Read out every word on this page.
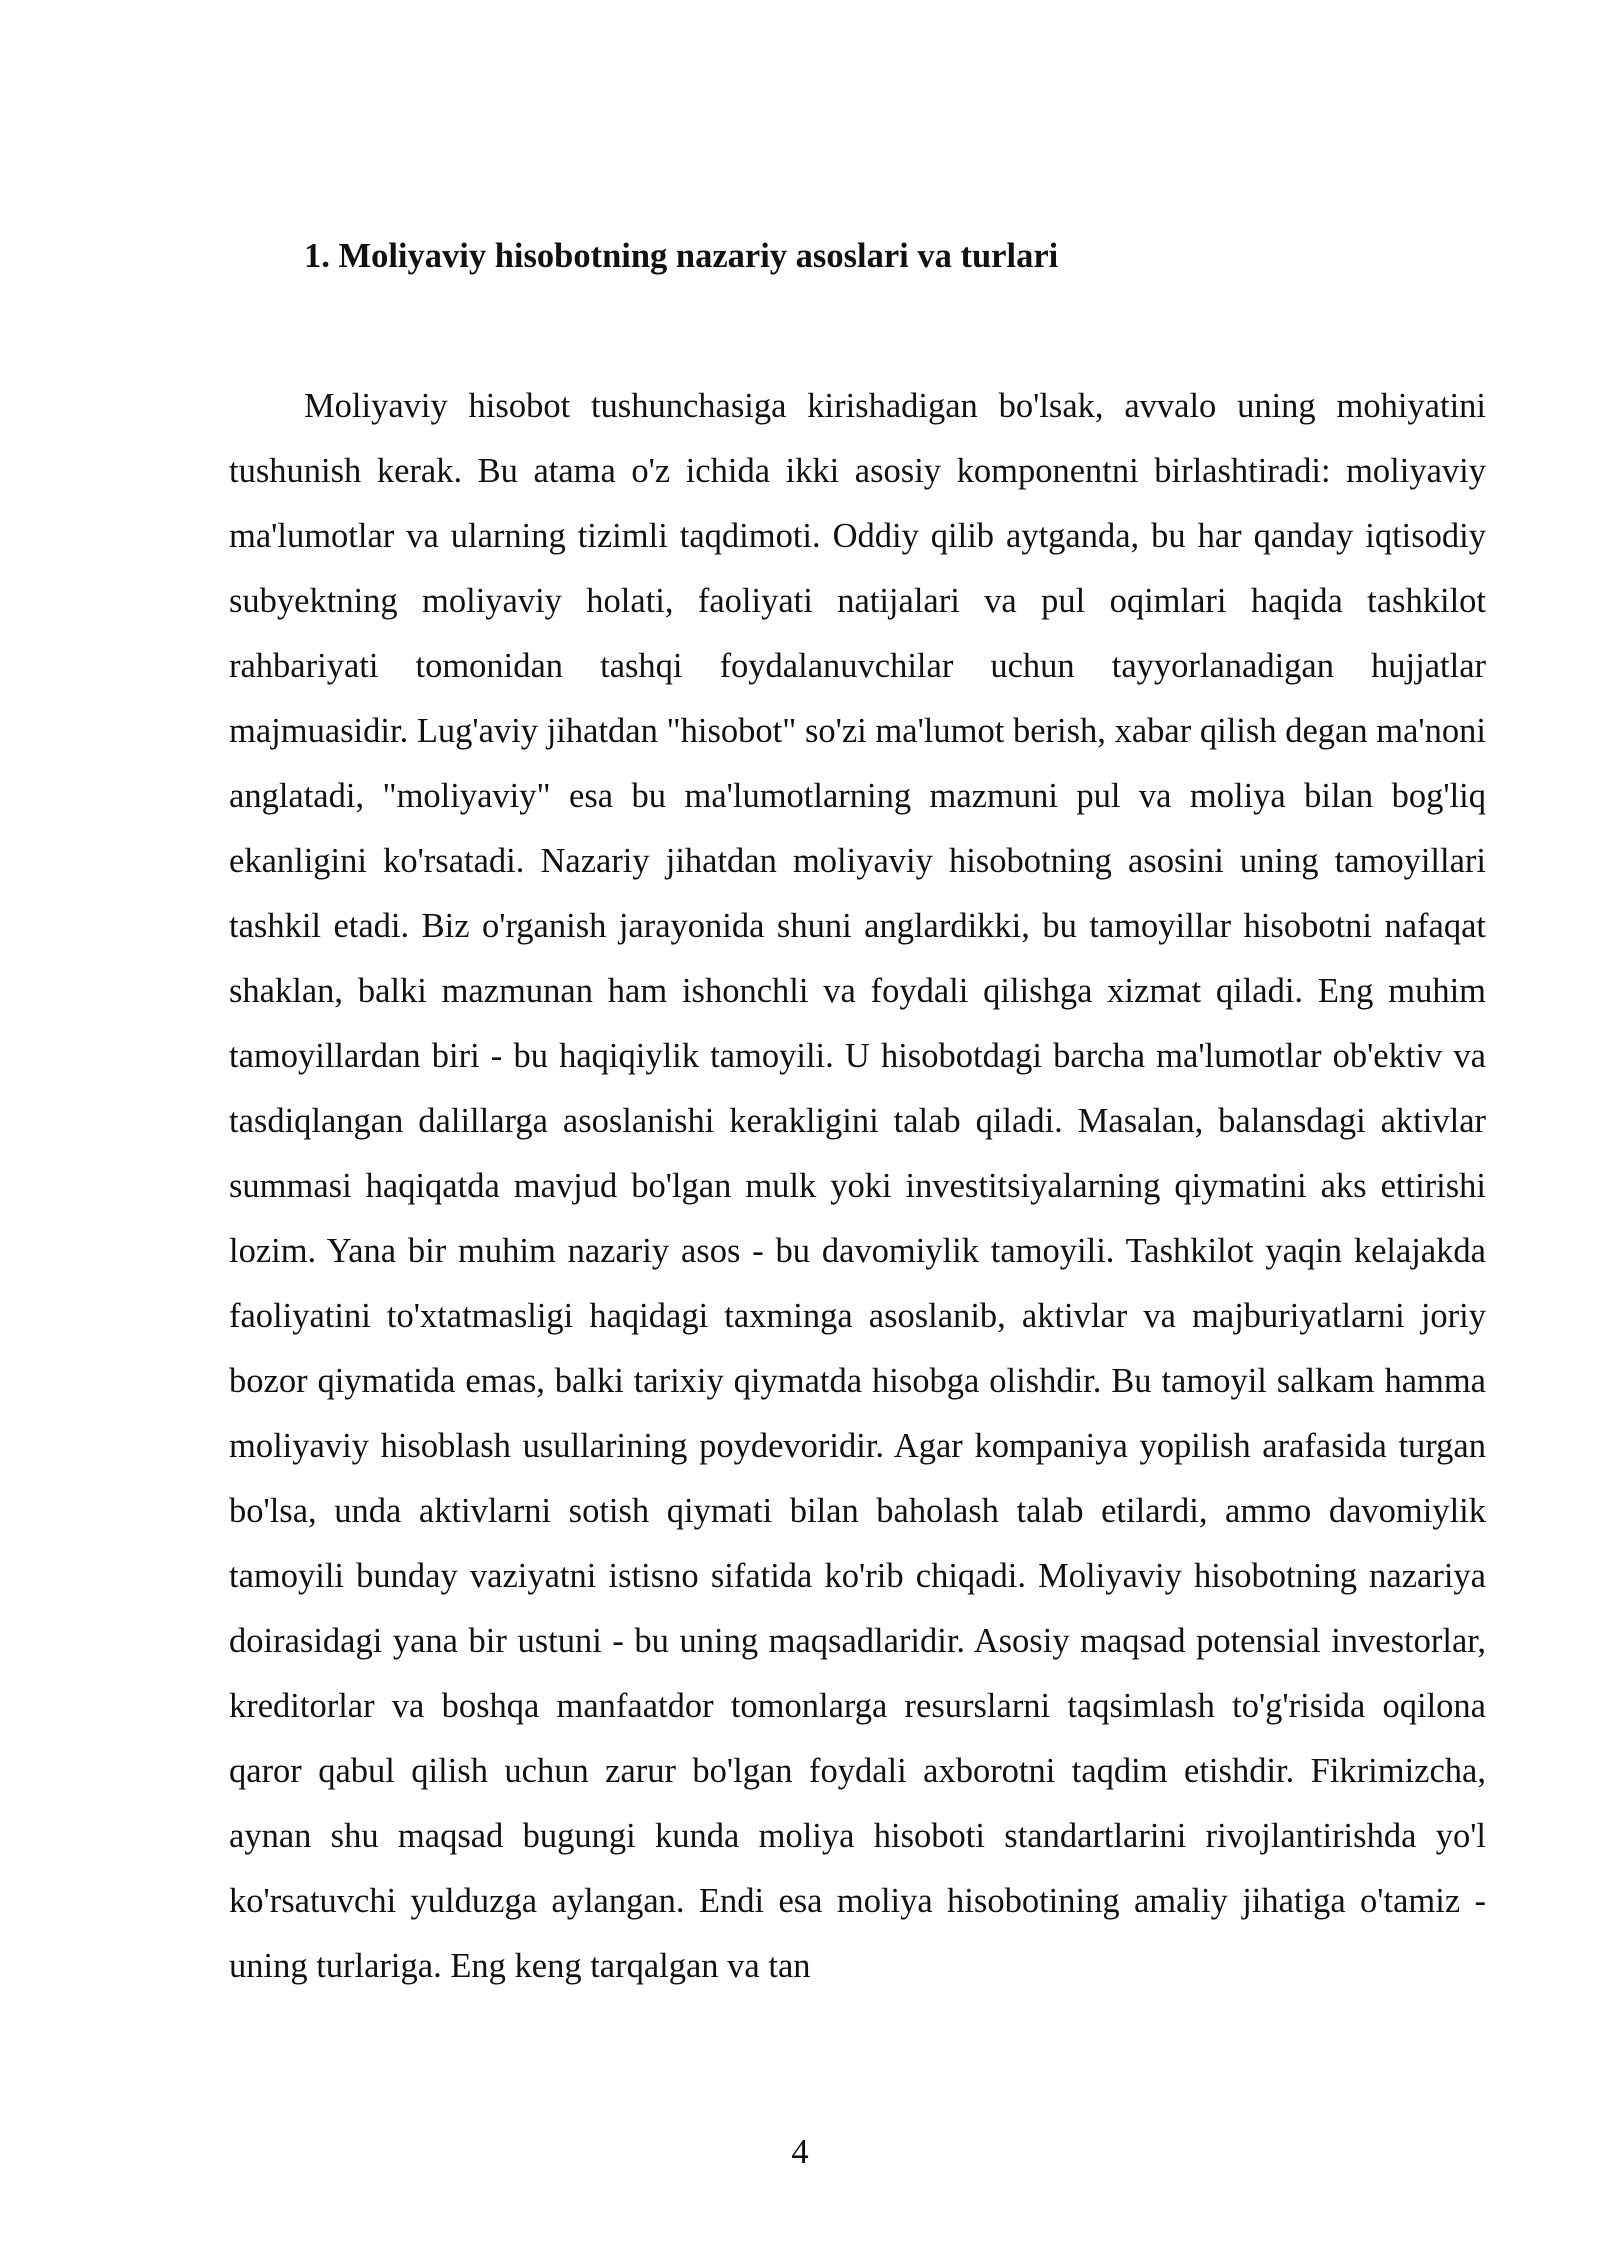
1. Moliyaviy hisobotning nazariy asoslari va turlari

Moliyaviy hisobot tushunchasiga kirishadigan bo'lsak, avvalo uning mohiyatini tushunish kerak. Bu atama o'z ichida ikki asosiy komponentni birlashtiradi: moliyaviy ma'lumotlar va ularning tizimli taqdimoti. Oddiy qilib aytganda, bu har qanday iqtisodiy subyektning moliyaviy holati, faoliyati natijalari va pul oqimlari haqida tashkilot rahbariyati tomonidan tashqi foydalanuvchilar uchun tayyorlanadigan hujjatlar majmuasidir. Lug'aviy jihatdan "hisobot" so'zi ma'lumot berish, xabar qilish degan ma'noni anglatadi, "moliyaviy" esa bu ma'lumotlarning mazmuni pul va moliya bilan bog'liq ekanligini ko'rsatadi. Nazariy jihatdan moliyaviy hisobotning asosini uning tamoyillari tashkil etadi. Biz o'rganish jarayonida shuni anglardikki, bu tamoyillar hisobotni nafaqat shaklan, balki mazmunan ham ishonchli va foydali qilishga xizmat qiladi. Eng muhim tamoyillardan biri - bu haqiqiylik tamoyili. U hisobotdagi barcha ma'lumotlar ob'ektiv va tasdiqlangan dalillarga asoslanishi kerakligini talab qiladi. Masalan, balansdagi aktivlar summasi haqiqatda mavjud bo'lgan mulk yoki investitsiyalarning qiymatini aks ettirishi lozim. Yana bir muhim nazariy asos - bu davomiylik tamoyili. Tashkilot yaqin kelajakda faoliyatini to'xtatmasligi haqidagi taxminga asoslanib, aktivlar va majburiyatlarni joriy bozor qiymatida emas, balki tarixiy qiymatda hisobga olishdir. Bu tamoyil salkam hamma moliyaviy hisoblash usullarining poydevoridir. Agar kompaniya yopilish arafasida turgan bo'lsa, unda aktivlarni sotish qiymati bilan baholash talab etilardi, ammo davomiylik tamoyili bunday vaziyatni istisno sifatida ko'rib chiqadi. Moliyaviy hisobotning nazariya doirasidagi yana bir ustuni - bu uning maqsadlaridir. Asosiy maqsad potensial investorlar, kreditorlar va boshqa manfaatdor tomonlarga resurslarni taqsimlash to'g'risida oqilona qaror qabul qilish uchun zarur bo'lgan foydali axborotni taqdim etishdir. Fikrimizcha, aynan shu maqsad bugungi kunda moliya hisoboti standartlarini rivojlantirishda yo'l ko'rsatuvchi yulduzga aylangan. Endi esa moliya hisobotining amaliy jihatiga o'tamiz - uning turlariga. Eng keng tarqalgan va tan

4
